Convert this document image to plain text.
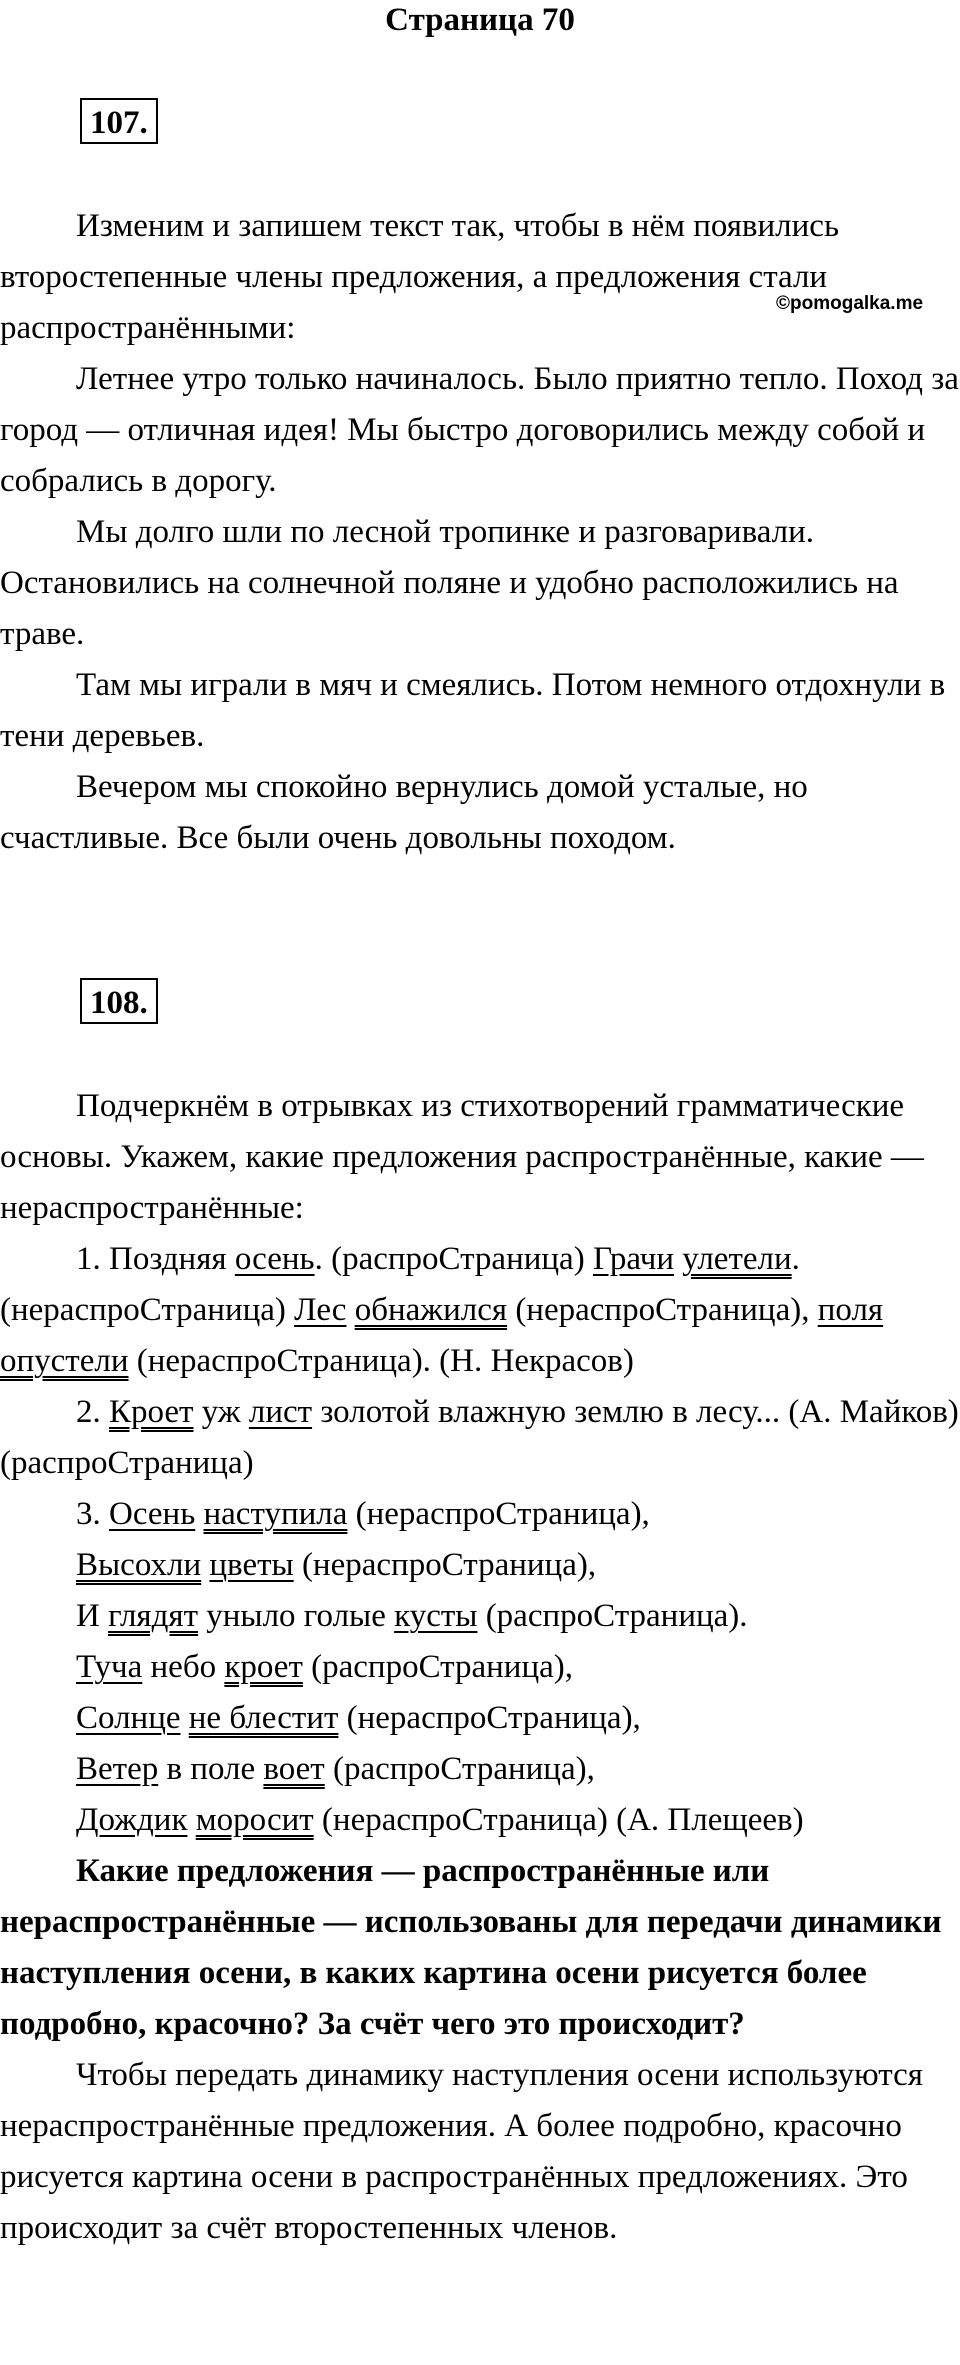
Страница 70
107.
©pomogalka.me

Изменим и запишем текст так, чтобы в нём появились второстепенные члены предложения, а предложения стали распространёнными:

Летнее утро только начиналось. Было приятно тепло. Поход за город — отличная идея! Мы быстро договорились между собой и собрались в дорогу.

Мы долго шли по лесной тропинке и разговаривали. Остановились на солнечной поляне и удобно расположились на траве.

Там мы играли в мяч и смеялись. Потом немного отдохнули в тени деревьев.

Вечером мы спокойно вернулись домой усталые, но счастливые. Все были очень довольны походом.

108.

Подчеркнём в отрывках из стихотворений грамматические основы. Укажем, какие предложения распространённые, какие — нераспространённые:

1. Поздняя осень. (распроСтраница) Грачи улетели. (нераспроСтраница) Лес обнажился (нераспроСтраница), поля опустели (нераспроСтраница). (Н. Некрасов)

2. Кроет уж лист золотой влажную землю в лесу... (А. Майков) (распроСтраница)

3. Осень наступила (нераспроСтраница),

Высохли цветы (нераспроСтраница),

И глядят уныло голые кусты (распроСтраница).

Туча небо кроет (распроСтраница),

Солнце не блестит (нераспроСтраница),

Ветер в поле воет (распроСтраница),

Дождик моросит (нераспроСтраница) (А. Плещеев)

Какие предложения — распространённые или нераспространённые — использованы для передачи динамики наступления осени, в каких картина осени рисуется более подробно, красочно? За счёт чего это происходит?

Чтобы передать динамику наступления осени используются нераспространённые предложения. А более подробно, красочно рисуется картина осени в распространённых предложениях. Это происходит за счёт второстепенных членов.
